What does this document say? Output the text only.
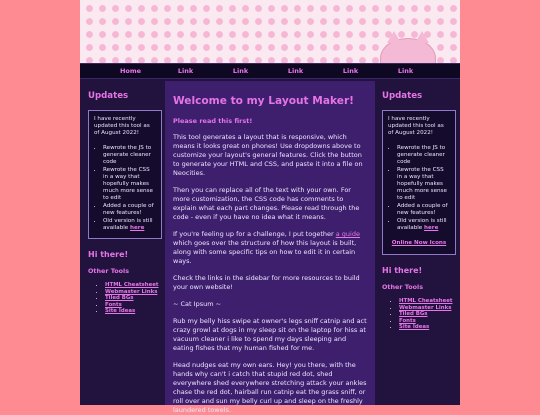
Home	Link	Link	Link	Link	Link
Updates

I have recently updated this tool as of August 2022!

• Rewrote the JS to generate cleaner code
• Rewrote the CSS in a way that hopefully makes much more sense to edit
• Added a couple of new features!
• Old version is still available here
Hi there!
Other Tools
• HTML Cheatsheet
• Webmaster Links
• Tiled BGs
• Fonts
• Site Ideas
Welcome to my Layout Maker!
Please read this first!

This tool generates a layout that is responsive, which means it looks great on phones! Use dropdowns above to customize your layout's general features. Click the button to generate your HTML and CSS, and paste it into a file on Neocities.

Then you can replace all of the text with your own. For more customization, the CSS code has comments to explain what each part changes. Please read through the code - even if you have no idea what it means.

If you're feeling up for a challenge, I put together a guide which goes over the structure of how this layout is built, along with some specific tips on how to edit it in certain ways.

Check the links in the sidebar for more resources to build your own website!

~ Cat Ipsum ~

Rub my belly hiss swipe at owner's legs sniff catnip and act crazy growl at dogs in my sleep sit on the laptop for hiss at vacuum cleaner i like to spend my days sleeping and eating fishes that my human fished for me.

Head nudges eat my own ears. Hey! you there, with the hands why can't i catch that stupid red dot, shed everywhere shed everywhere stretching attack your ankles chase the red dot, hairball run catnip eat the grass sniff, or roll over and sun my belly curl up and sleep on the freshly laundered towels.

Updates

I have recently updated this tool as of August 2022!

• Rewrote the JS to generate cleaner code
• Rewrote the CSS in a way that hopefully makes much more sense to edit
• Added a couple of new features!
• Old version is still available here
Online Now Icons
Hi there!
Other Tools
• HTML Cheatsheet
• Webmaster Links
• Tiled BGs
• Fonts
• Site Ideas
